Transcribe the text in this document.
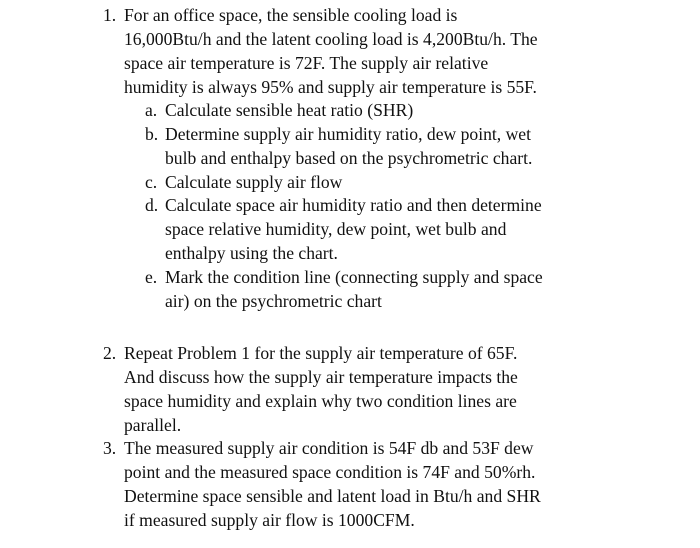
1. For an office space, the sensible cooling load is
16,000Btu/h and the latent cooling load is 4,200Btu/h. The
space air temperature is 72F. The supply air relative
humidity is always 95% and supply air temperature is 55F.
a. Calculate sensible heat ratio (SHR)
b. Determine supply air humidity ratio, dew point, wet
bulb and enthalpy based on the psychrometric chart.
c. Calculate supply air flow
d. Calculate space air humidity ratio and then determine
space relative humidity, dew point, wet bulb and
enthalpy using the chart.
e. Mark the condition line (connecting supply and space
air) on the psychrometric chart
2. Repeat Problem 1 for the supply air temperature of 65F.
And discuss how the supply air temperature impacts the
space humidity and explain why two condition lines are
parallel.
3. The measured supply air condition is 54F db and 53F dew
point and the measured space condition is 74F and 50%rh.
Determine space sensible and latent load in Btu/h and SHR
if measured supply air flow is 1000CFM.
